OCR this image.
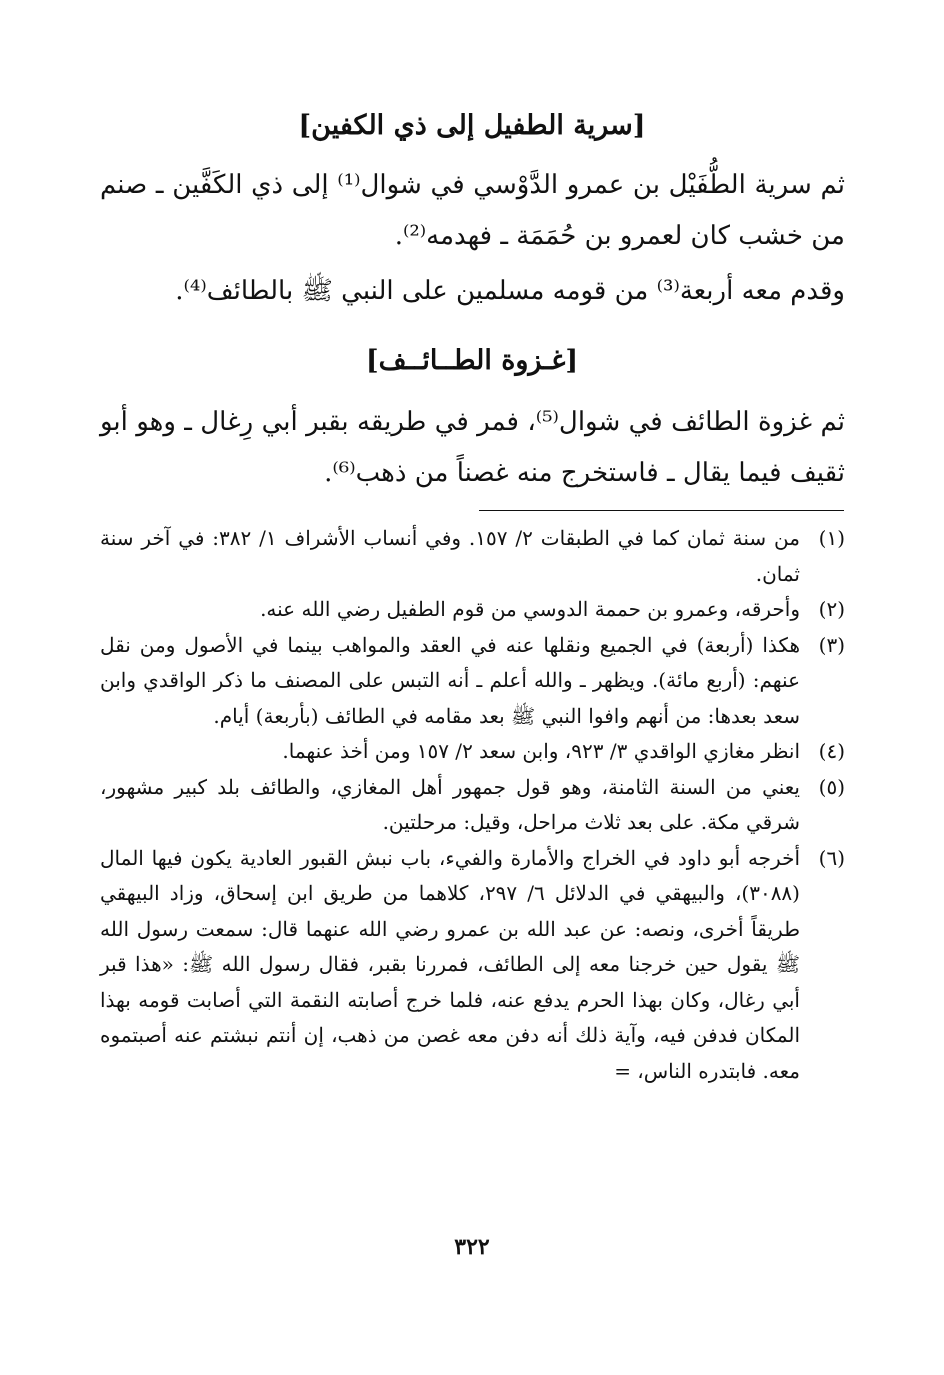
[سرية الطفيل إلى ذي الكفين]

ثم سرية الطُّفَيْل بن عمرو الدَّوْسي في شوال⁽¹⁾ إلى ذي الكَفَّين ـ صنم من خشب كان لعمرو بن حُمَمَة ـ فهدمه⁽²⁾.

وقدم معه أربعة⁽³⁾ من قومه مسلمين على النبي ﷺ بالطائف⁽⁴⁾.

[غـزوة الطــائــف]

ثم غزوة الطائف في شوال⁽⁵⁾، فمر في طريقه بقبر أبي رِغال ـ وهو أبو ثقيف فيما يقال ـ فاستخرج منه غصناً من ذهب⁽⁶⁾.

(١)
من سنة ثمان كما في الطبقات ٢/ ١٥٧. وفي أنساب الأشراف ١/ ٣٨٢: في آخر سنة ثمان.
(٢)
وأحرقه، وعمرو بن حممة الدوسي من قوم الطفيل رضي الله عنه.
(٣)
هكذا (أربعة) في الجميع ونقلها عنه في العقد والمواهب بينما في الأصول ومن نقل عنهم: (أربع مائة). ويظهر ـ والله أعلم ـ أنه التبس على المصنف ما ذكر الواقدي وابن سعد بعدها: من أنهم وافوا النبي ﷺ بعد مقامه في الطائف (بأربعة) أيام.
(٤)
انظر مغازي الواقدي ٣/ ٩٢٣، وابن سعد ٢/ ١٥٧ ومن أخذ عنهما.
(٥)
يعني من السنة الثامنة، وهو قول جمهور أهل المغازي، والطائف بلد كبير مشهور، شرقي مكة. على بعد ثلاث مراحل، وقيل: مرحلتين.
(٦)
أخرجه أبو داود في الخراج والأمارة والفيء، باب نبش القبور العادية يكون فيها المال (٣٠٨٨)، والبيهقي في الدلائل ٦/ ٢٩٧، كلاهما من طريق ابن إسحاق، وزاد البيهقي طريقاً أخرى، ونصه: عن عبد الله بن عمرو رضي الله عنهما قال: سمعت رسول الله ﷺ يقول حين خرجنا معه إلى الطائف، فمررنا بقبر، فقال رسول الله ﷺ: «هذا قبر أبي رغال، وكان بهذا الحرم يدفع عنه، فلما خرج أصابته النقمة التي أصابت قومه بهذا المكان فدفن فيه، وآية ذلك أنه دفن معه غصن من ذهب، إن أنتم نبشتم عنه أصبتموه معه. فابتدره الناس، =
٣٢٢
